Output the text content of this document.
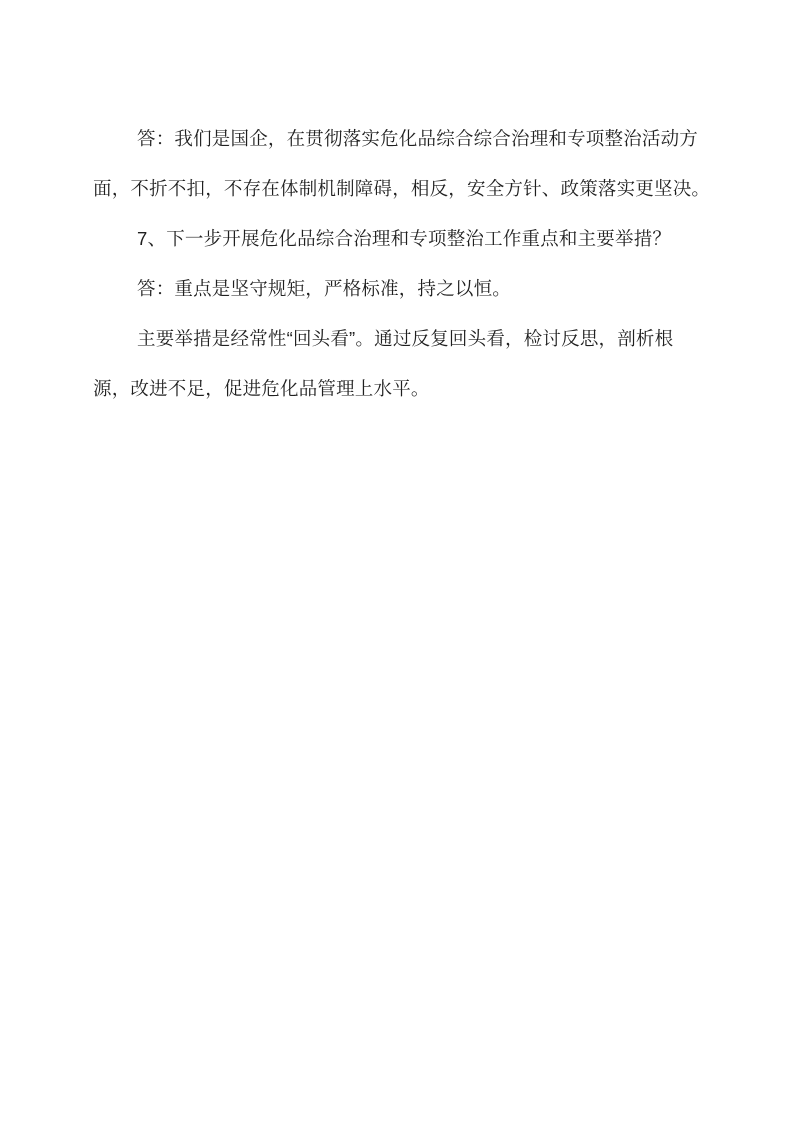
答：我们是国企，在贯彻落实危化品综合综合治理和专项整治活动方
面，不折不扣，不存在体制机制障碍，相反，安全方针、政策落实更坚决。
7、下一步开展危化品综合治理和专项整治工作重点和主要举措？
答：重点是坚守规矩，严格标准，持之以恒。
主要举措是经常性“回头看”。通过反复回头看，检讨反思，剖析根
源，改进不足，促进危化品管理上水平。
